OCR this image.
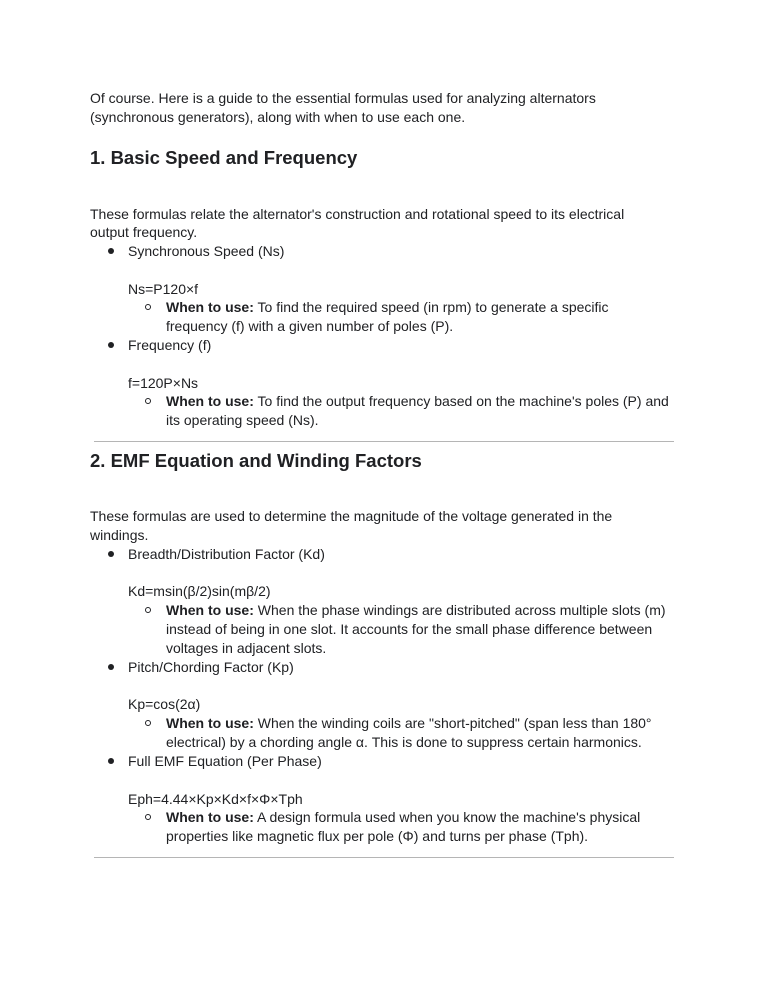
Of course. Here is a guide to the essential formulas used for analyzing alternators
(synchronous generators), along with when to use each one.
1. Basic Speed and Frequency
These formulas relate the alternator's construction and rotational speed to its electrical
output frequency.
Synchronous Speed (Ns)
Ns=P120×f
When to use: To find the required speed (in rpm) to generate a specific
frequency (f) with a given number of poles (P).
Frequency (f)
f=120P×Ns
When to use: To find the output frequency based on the machine's poles (P) and
its operating speed (Ns).
2. EMF Equation and Winding Factors
These formulas are used to determine the magnitude of the voltage generated in the
windings.
Breadth/Distribution Factor (Kd)
Kd=msin(β/2)sin(mβ/2)
When to use: When the phase windings are distributed across multiple slots (m)
instead of being in one slot. It accounts for the small phase difference between
voltages in adjacent slots.
Pitch/Chording Factor (Kp)
Kp=cos(2α)
When to use: When the winding coils are "short-pitched" (span less than 180°
electrical) by a chording angle α. This is done to suppress certain harmonics.
Full EMF Equation (Per Phase)
Eph=4.44×Kp×Kd×f×Φ×Tph
When to use: A design formula used when you know the machine's physical
properties like magnetic flux per pole (Φ) and turns per phase (Tph).
